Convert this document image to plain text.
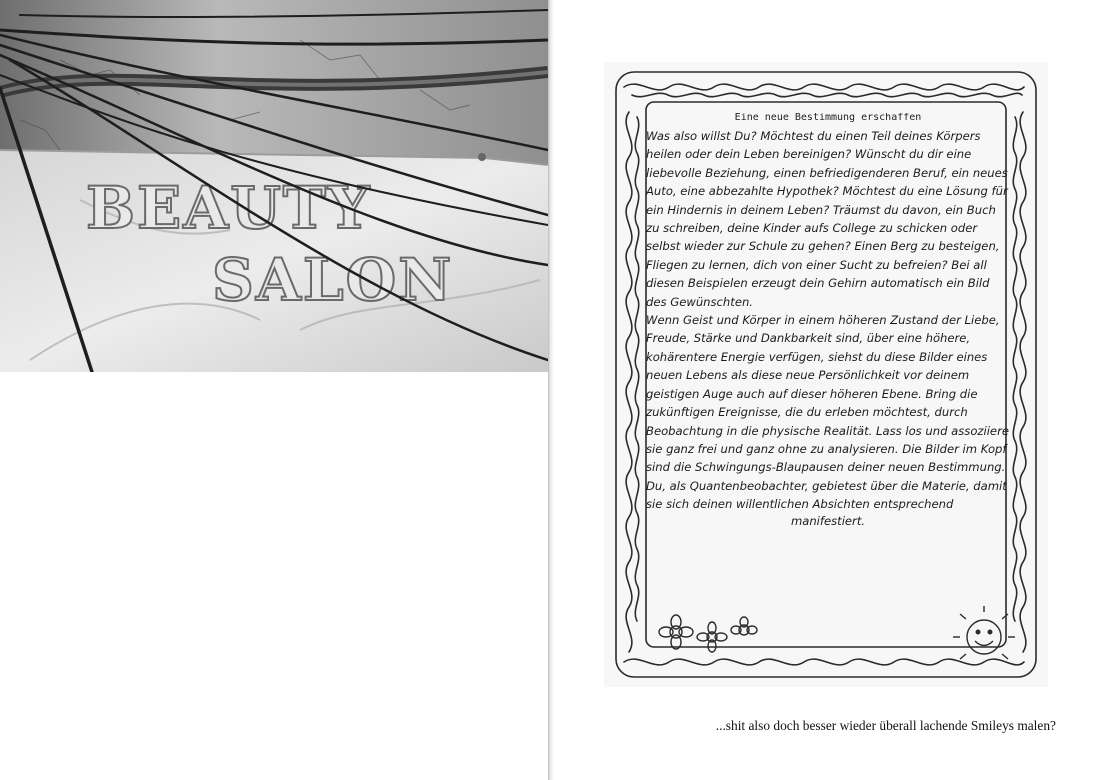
BEAUTY
SALON
Eine neue Bestimmung erschaffen

Was also willst Du? Möchtest du einen Teil deines Körpers heilen oder dein Leben bereinigen? Wünscht du dir eine liebevolle Beziehung, einen befriedigenderen Beruf, ein neues Auto, eine abbezahlte Hypothek? Möchtest du eine Lösung für ein Hindernis in deinem Leben? Träumst du davon, ein Buch zu schreiben, deine Kinder aufs College zu schicken oder selbst wieder zur Schule zu gehen? Einen Berg zu besteigen, Fliegen zu lernen, dich von einer Sucht zu befreien? Bei all diesen Beispielen erzeugt dein Gehirn automatisch ein Bild des Gewünschten.

Wenn Geist und Körper in einem höheren Zustand der Liebe, Freude, Stärke und Dankbarkeit sind, über eine höhere, kohärentere Energie verfügen, siehst du diese Bilder eines neuen Lebens als diese neue Persönlichkeit vor deinem geistigen Auge auch auf dieser höheren Ebene. Bring die zukünftigen Ereignisse, die du erleben möchtest, durch Beobachtung in die physische Realität. Lass los und assoziiere sie ganz frei und ganz ohne zu analysieren. Die Bilder im Kopf sind die Schwingungs-Blaupausen deiner neuen Bestimmung. Du, als Quantenbeobachter, gebietest über die Materie, damit sie sich deinen willentlichen Absichten entsprechend

manifestiert.
...shit also doch besser wieder überall lachende Smileys malen?
